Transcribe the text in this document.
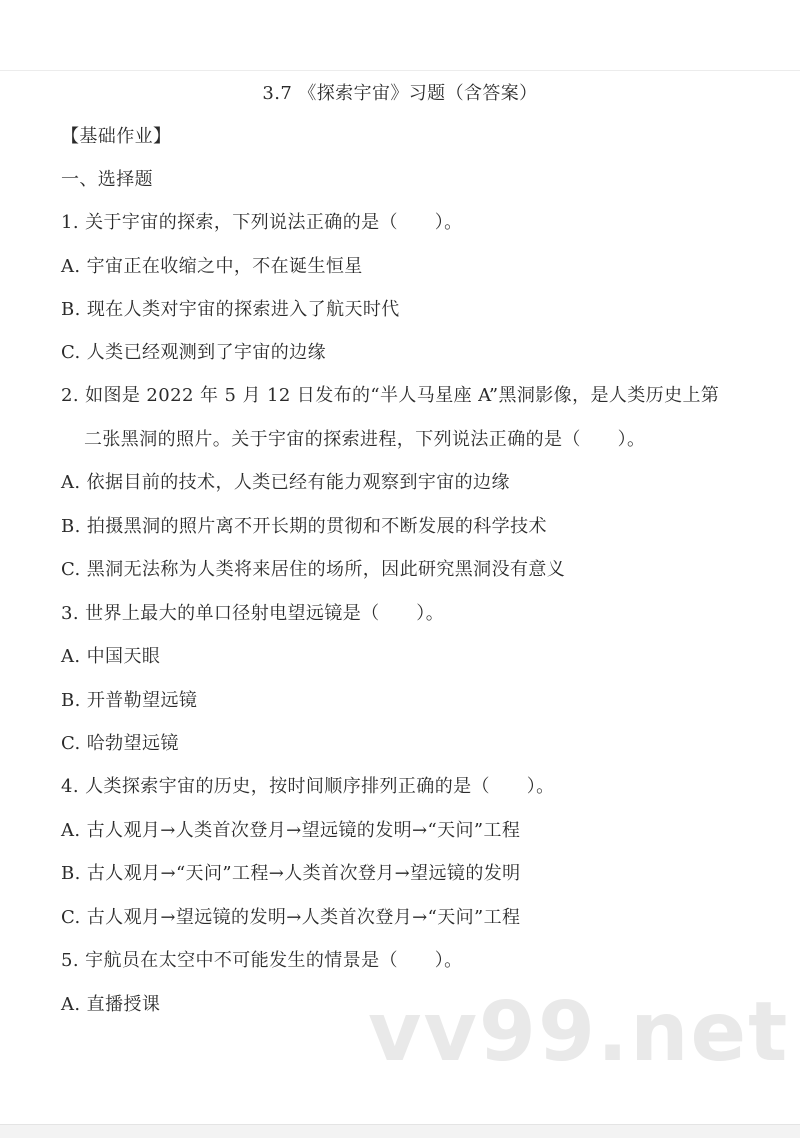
3.7 《探索宇宙》习题（含答案）
【基础作业】
一、选择题
1. 关于宇宙的探索，下列说法正确的是（　　）。
A. 宇宙正在收缩之中，不在诞生恒星
B. 现在人类对宇宙的探索进入了航天时代
C. 人类已经观测到了宇宙的边缘
2. 如图是 2022 年 5 月 12 日发布的“半人马星座 A”黑洞影像，是人类历史上第
二张黑洞的照片。关于宇宙的探索进程，下列说法正确的是（　　）。
A. 依据目前的技术，人类已经有能力观察到宇宙的边缘
B. 拍摄黑洞的照片离不开长期的贯彻和不断发展的科学技术
C. 黑洞无法称为人类将来居住的场所，因此研究黑洞没有意义
3. 世界上最大的单口径射电望远镜是（　　）。
A. 中国天眼
B. 开普勒望远镜
C. 哈勃望远镜
4. 人类探索宇宙的历史，按时间顺序排列正确的是（　　）。
A. 古人观月→人类首次登月→望远镜的发明→“天问”工程
B. 古人观月→“天问”工程→人类首次登月→望远镜的发明
C. 古人观月→望远镜的发明→人类首次登月→“天问”工程
5. 宇航员在太空中不可能发生的情景是（　　）。
A. 直播授课	vv99.net
